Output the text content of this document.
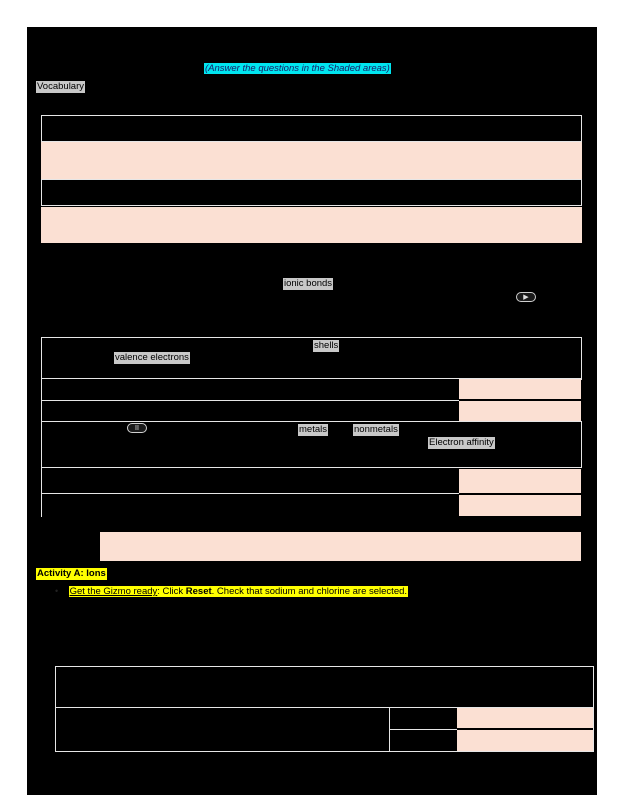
(Answer the questions in the Shaded areas)
Vocabulary
ionic bonds
▶
shells
valence electrons
II	metals	nonmetals
Electron affinity
Activity A: Ions
• Get the Gizmo ready: Click Reset. Check that sodium and chlorine are selected.
